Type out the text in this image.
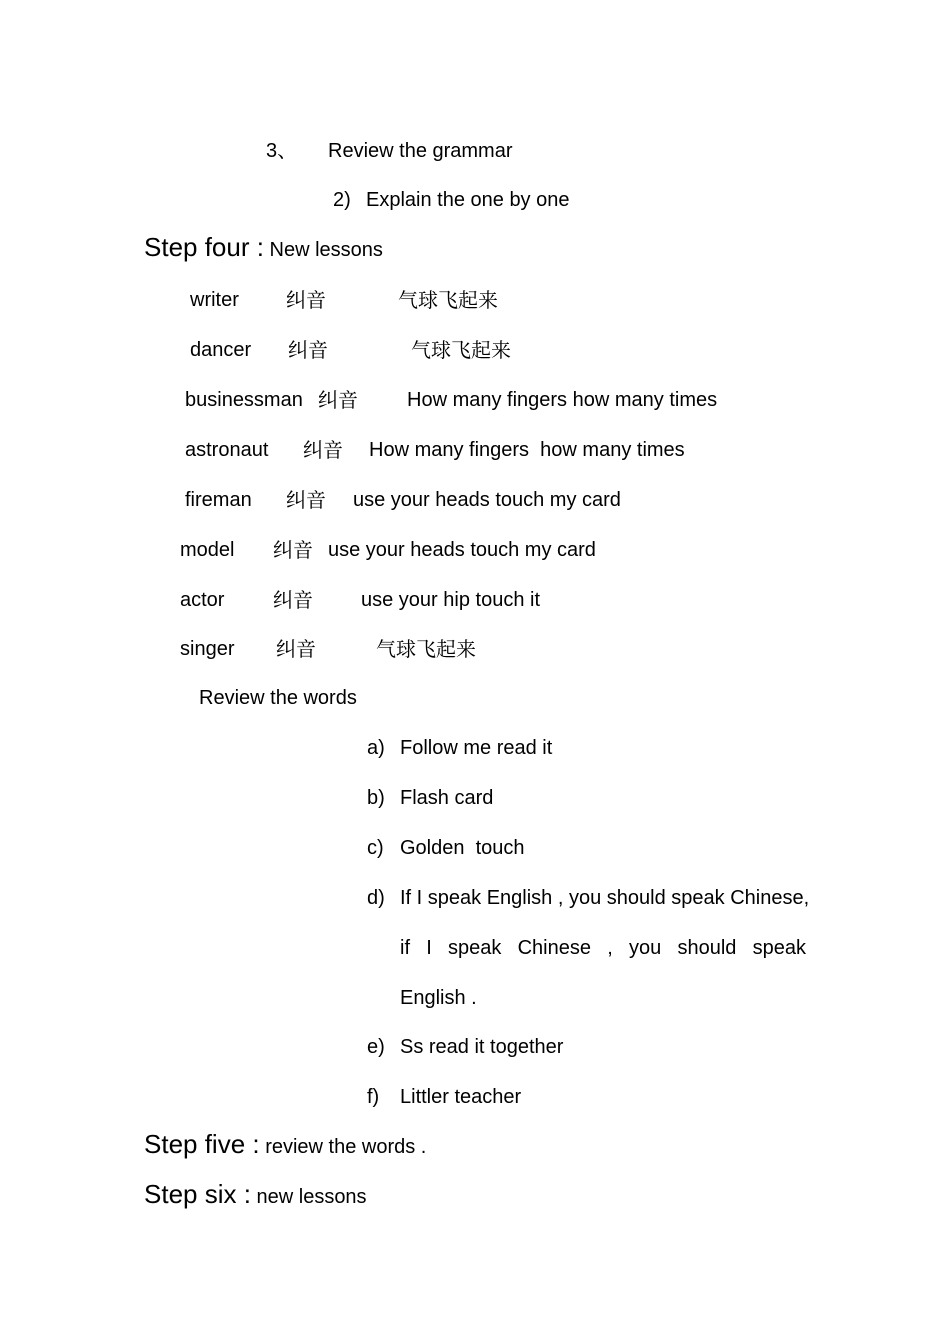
3、 Review the grammar
2) Explain the one by one
Step four : New lessons
writer 纠音	气球飞起来
dancer 纠音	气球飞起来
businessman 纠音 How many fingers how many times
astronaut 纠音 How many fingers  how many times
fireman 纠音 use your heads touch my card
model 纠音 use your heads touch my card
actor 纠音 use your hip touch it
singer 纠音	气球飞起来
Review the words
a) Follow me read it
b) Flash card
c) Golden  touch
d) If I speak English , you should speak Chinese,
if I speak Chinese , you should speak
English .
e) Ss read it together
f) Littler teacher
Step five : review the words .
Step six : new lessons
